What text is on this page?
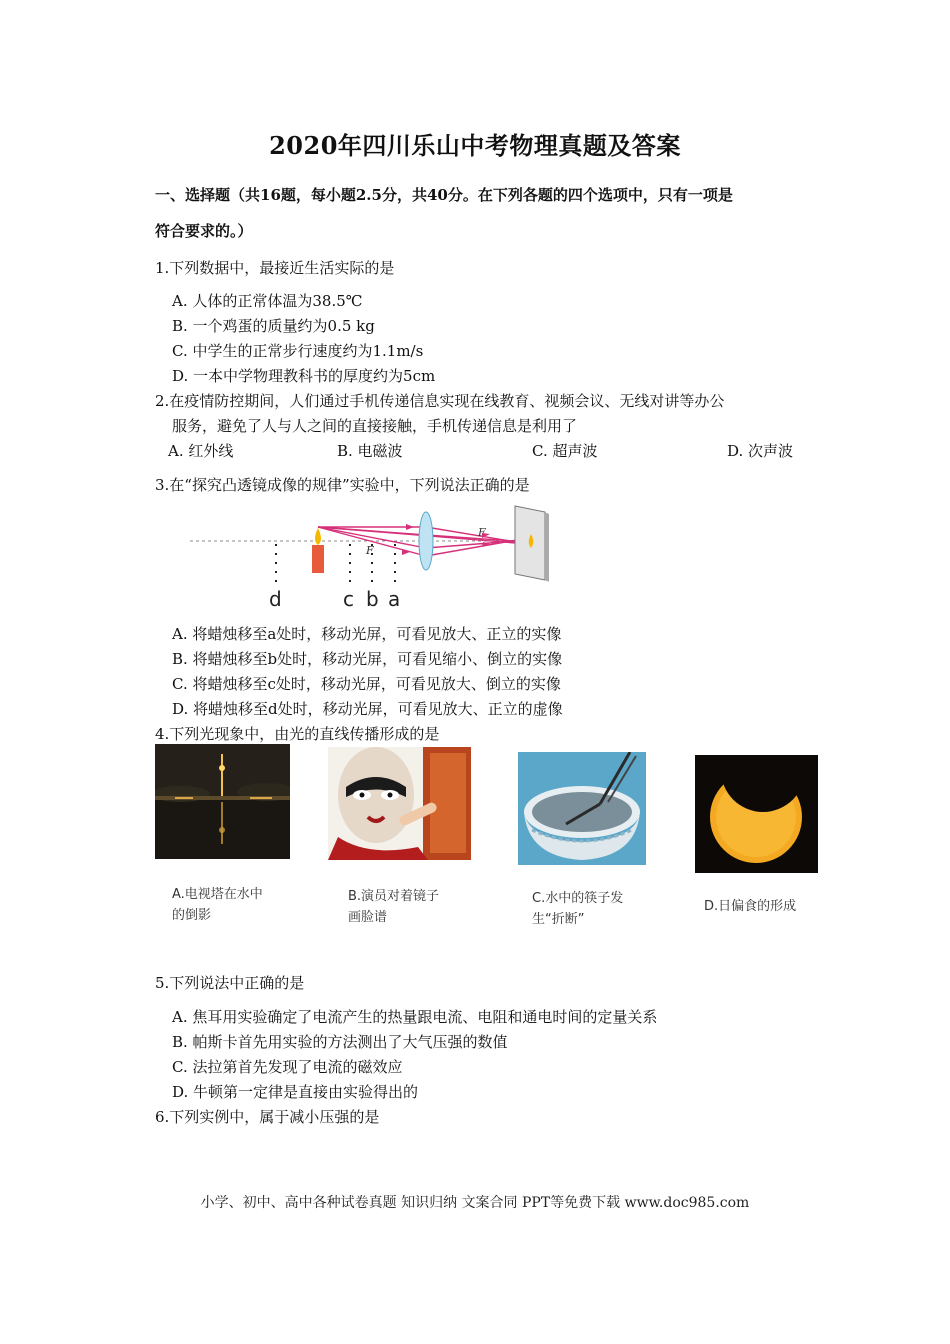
2020年四川乐山中考物理真题及答案
一、选择题（共16题，每小题2.5分，共40分。在下列各题的四个选项中，只有一项是
符合要求的。）
1.下列数据中，最接近生活实际的是
A. 人体的正常体温为38.5℃
B. 一个鸡蛋的质量约为0.5 kg
C. 中学生的正常步行速度约为1.1m/s
D. 一本中学物理教科书的厚度约为5cm
2.在疫情防控期间，人们通过手机传递信息实现在线教育、视频会议、无线对讲等办公
服务，避免了人与人之间的直接接触，手机传递信息是利用了
A. 红外线	B. 电磁波	C. 超声波	D. 次声波
3.在“探究凸透镜成像的规律”实验中，下列说法正确的是
F
F
d	c b a
A. 将蜡烛移至a处时，移动光屏，可看见放大、正立的实像
B. 将蜡烛移至b处时，移动光屏，可看见缩小、倒立的实像
C. 将蜡烛移至c处时，移动光屏，可看见放大、倒立的实像
D. 将蜡烛移至d处时，移动光屏，可看见放大、正立的虚像
4.下列光现象中，由光的直线传播形成的是
A.电视塔在水中
的倒影
B.演员对着镜子
画脸谱
C.水中的筷子发
生“折断”
D.日偏食的形成
5.下列说法中正确的是
A. 焦耳用实验确定了电流产生的热量跟电流、电阻和通电时间的定量关系
B. 帕斯卡首先用实验的方法测出了大气压强的数值
C. 法拉第首先发现了电流的磁效应
D. 牛顿第一定律是直接由实验得出的
6.下列实例中，属于减小压强的是
小学、初中、高中各种试卷真题 知识归纳 文案合同 PPT等免费下载 www.doc985.com
